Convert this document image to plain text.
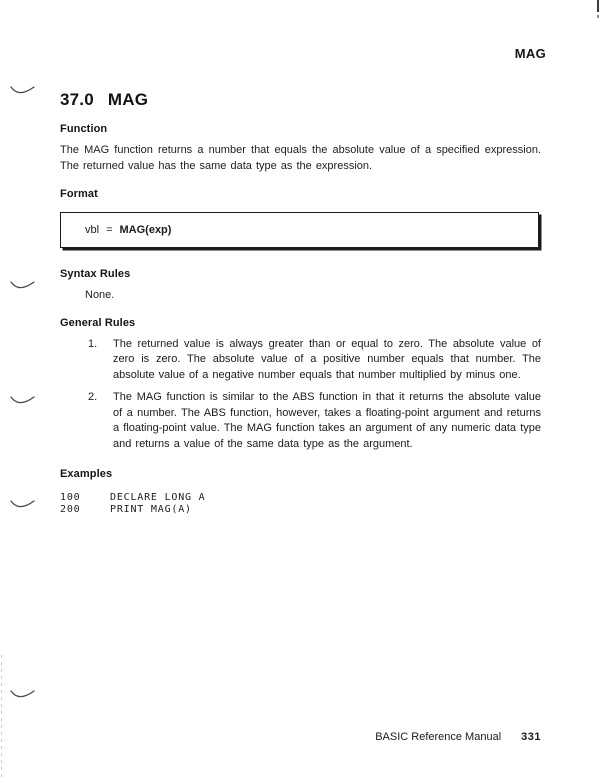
MAG
37.0 MAG
Function

The MAG function returns a number that equals the absolute value of a specified expression. The returned value has the same data type as the expression.

Format
vbl = MAG(exp)
Syntax Rules

None.

General Rules
1.	The returned value is always greater than or equal to zero. The absolute value of zero is zero. The absolute value of a positive number equals that number. The absolute value of a negative number equals that number multiplied by minus one.
2.	The MAG function is similar to the ABS function in that it returns the absolute value of a number. The ABS function, however, takes a floating-point argument and returns a floating-point value. The MAG function takes an argument of any numeric data type and returns a value of the same data type as the argument.
Examples
100	DECLARE LONG A
200	PRINT MAG(A)
BASIC Reference Manual 331
